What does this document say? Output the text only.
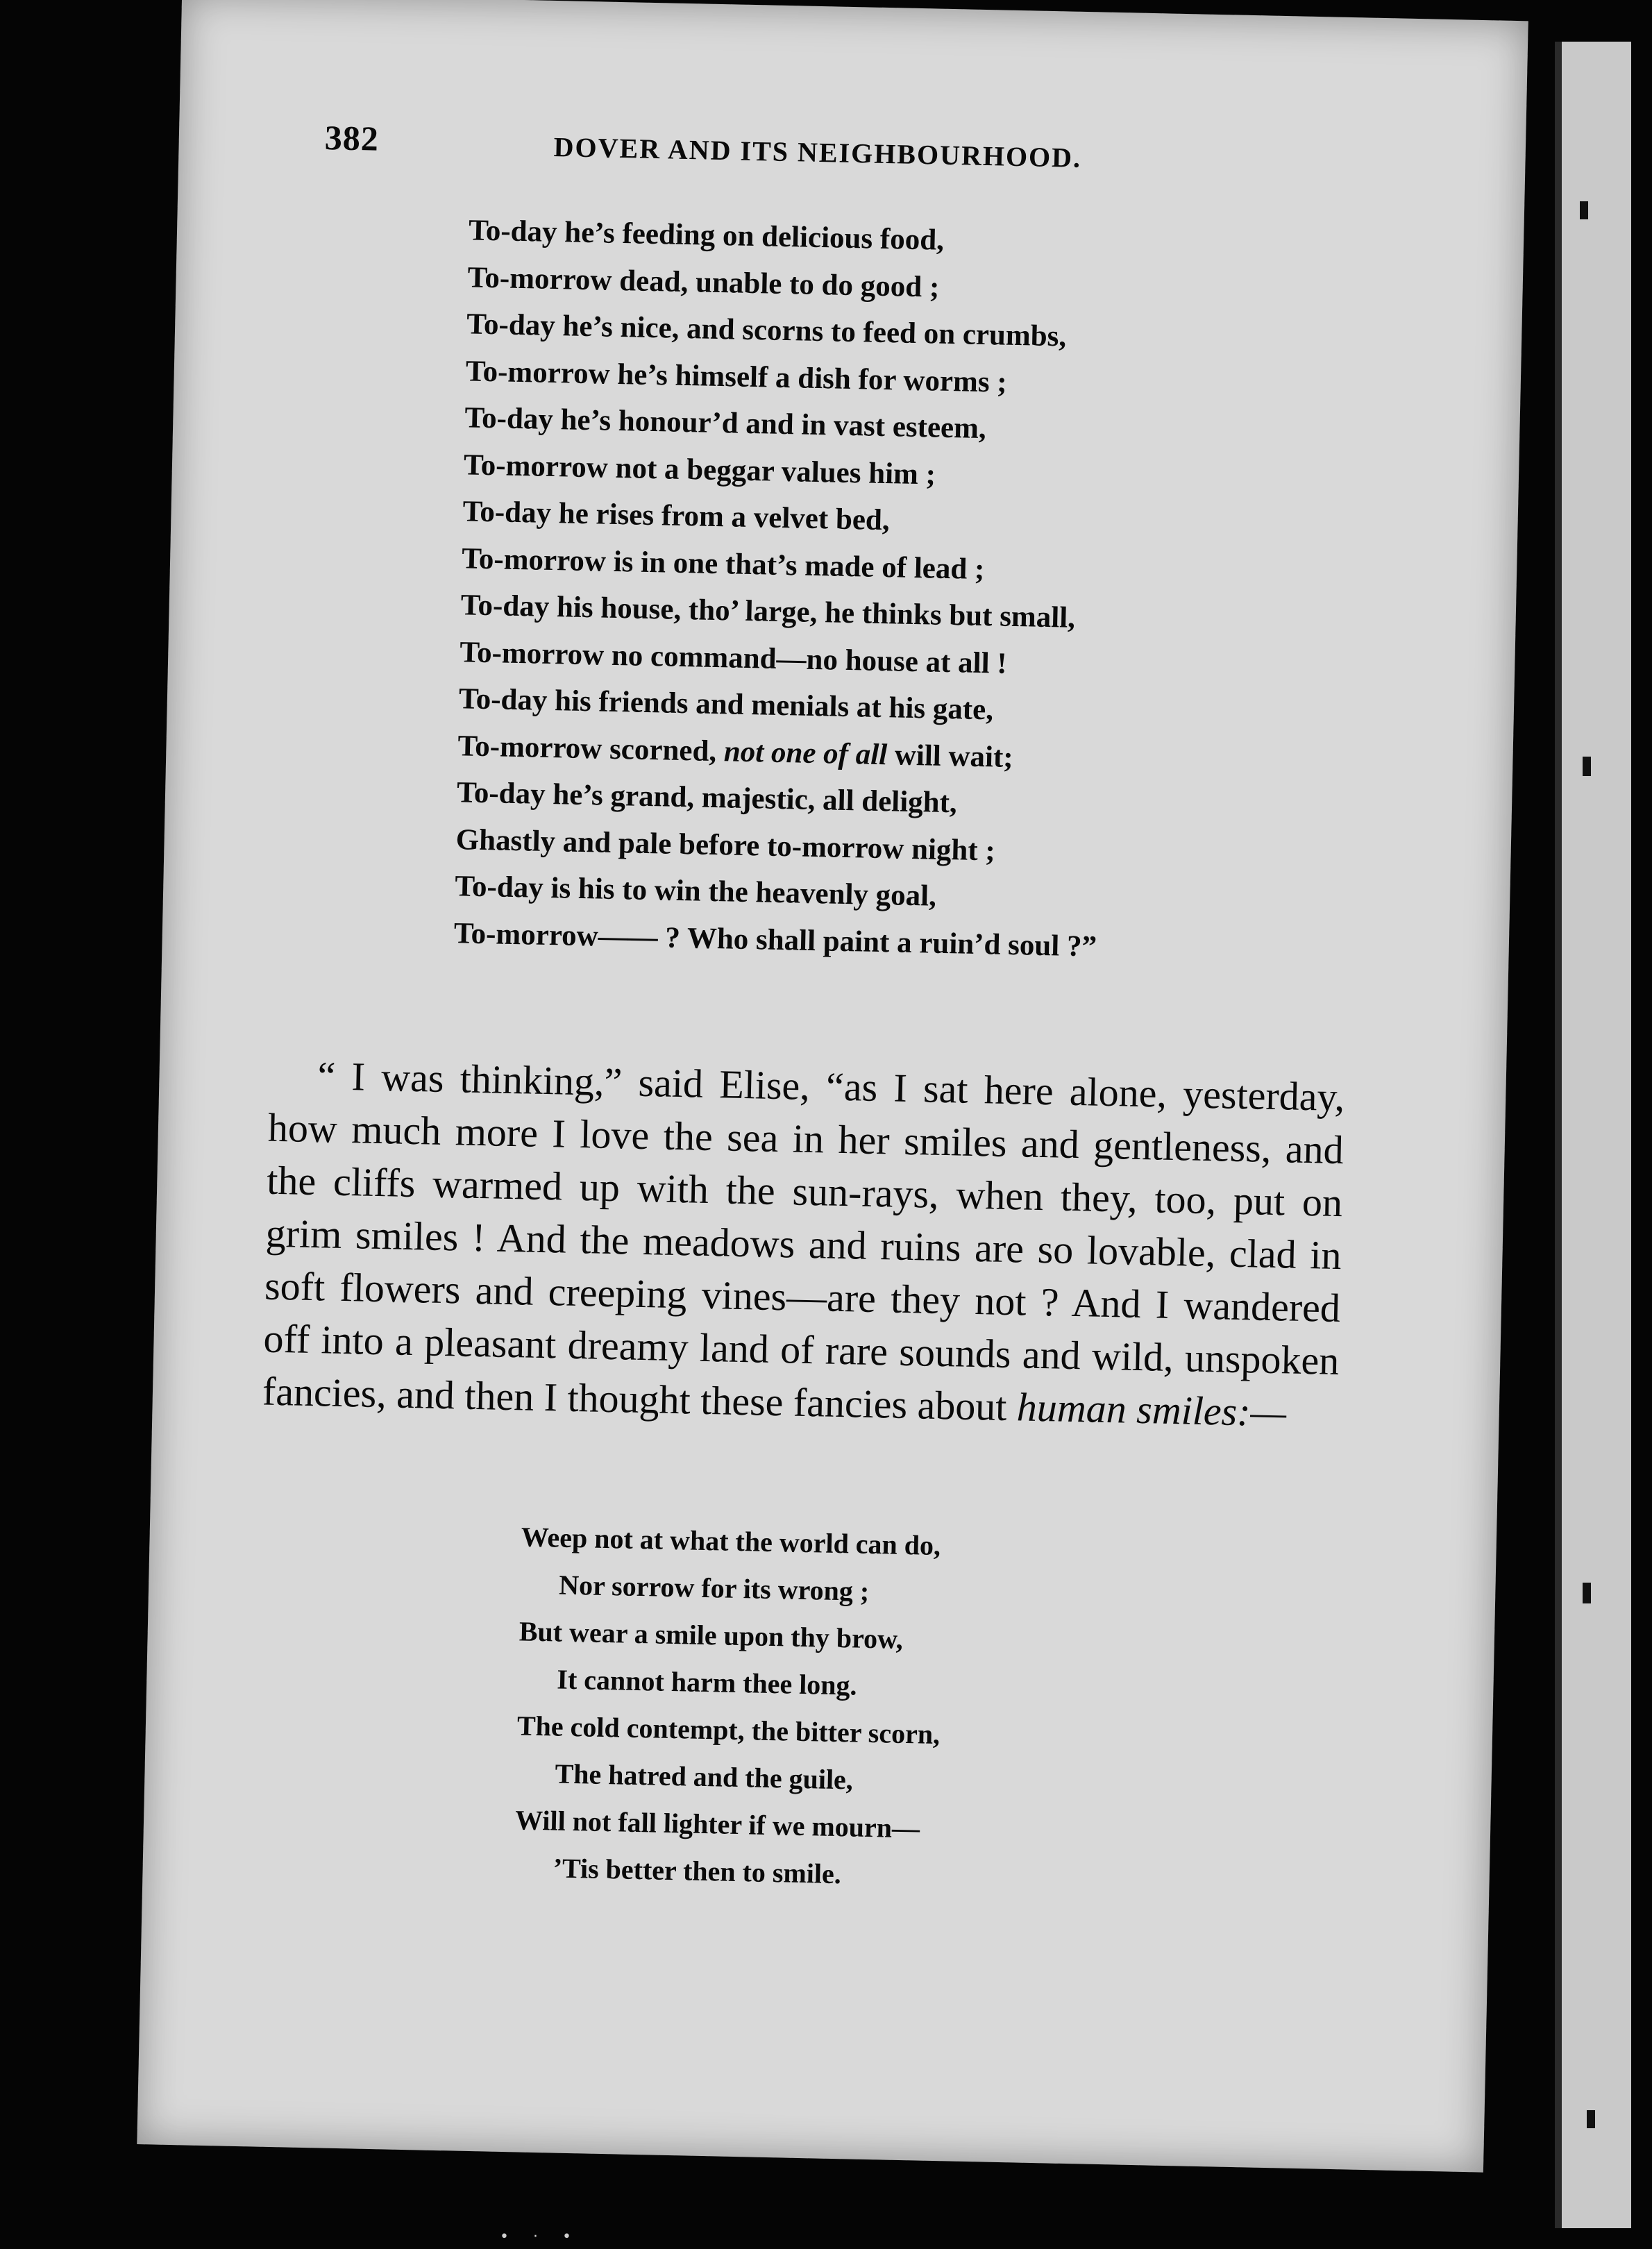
382	DOVER AND ITS NEIGHBOURHOOD.
To-day he’s feeding on delicious food,
To-morrow dead, unable to do good ;
To-day he’s nice, and scorns to feed on crumbs,
To-morrow he’s himself a dish for worms ;
To-day he’s honour’d and in vast esteem,
To-morrow not a beggar values him ;
To-day he rises from a velvet bed,
To-morrow is in one that’s made of lead ;
To-day his house, tho’ large, he thinks but small,
To-morrow no command—no house at all !
To-day his friends and menials at his gate,
To-morrow scorned, not one of all will wait;
To-day he’s grand, majestic, all delight,
Ghastly and pale before to-morrow night ;
To-day is his to win the heavenly goal,
To-morrow—— ? Who shall paint a ruin’d soul ?”

“ I was thinking,” said Elise, “as I sat here alone, yesterday, how much more I love the sea in her smiles and gentleness, and the cliffs warmed up with the sun-rays, when they, too, put on grim smiles ! And the meadows and ruins are so lovable, clad in soft flowers and creeping vines—are they not ? And I wandered off into a pleasant dreamy land of rare sounds and wild, unspoken fancies, and then I thought these fancies about human smiles:—

Weep not at what the world can do,
Nor sorrow for its wrong ;
But wear a smile upon thy brow,
It cannot harm thee long.
The cold contempt, the bitter scorn,
The hatred and the guile,
Will not fall lighter if we mourn—
’Tis better then to smile.
• · •
